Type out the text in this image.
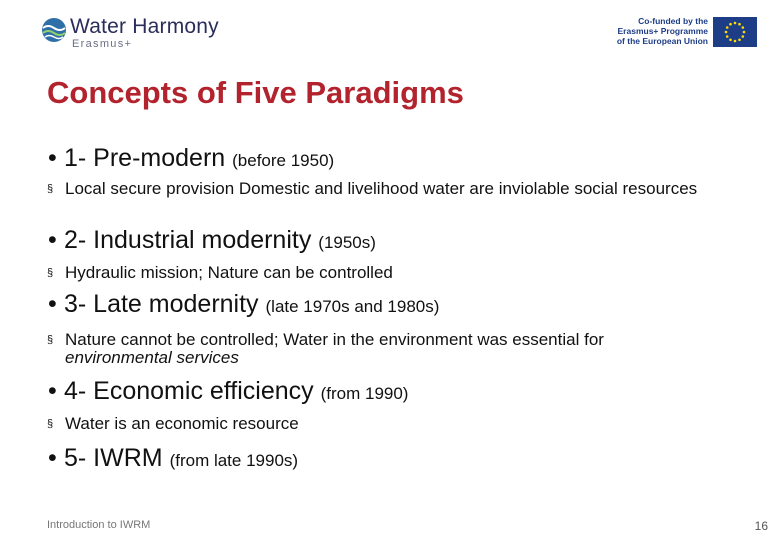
Water Harmony
Erasmus+
Co-funded by the
Erasmus+ Programme
of the European Union
Concepts of Five Paradigms
• 1- Pre-modern (before 1950)
§ Local secure provision Domestic and livelihood water are inviolable social resources
• 2- Industrial modernity (1950s)
§ Hydraulic mission; Nature can be controlled
• 3- Late modernity (late 1970s and 1980s)
§ Nature cannot be controlled; Water in the environment was essential for
environmental services
• 4- Economic efficiency (from 1990)
§ Water is an economic resource
• 5- IWRM (from late 1990s)
Introduction to IWRM	16
